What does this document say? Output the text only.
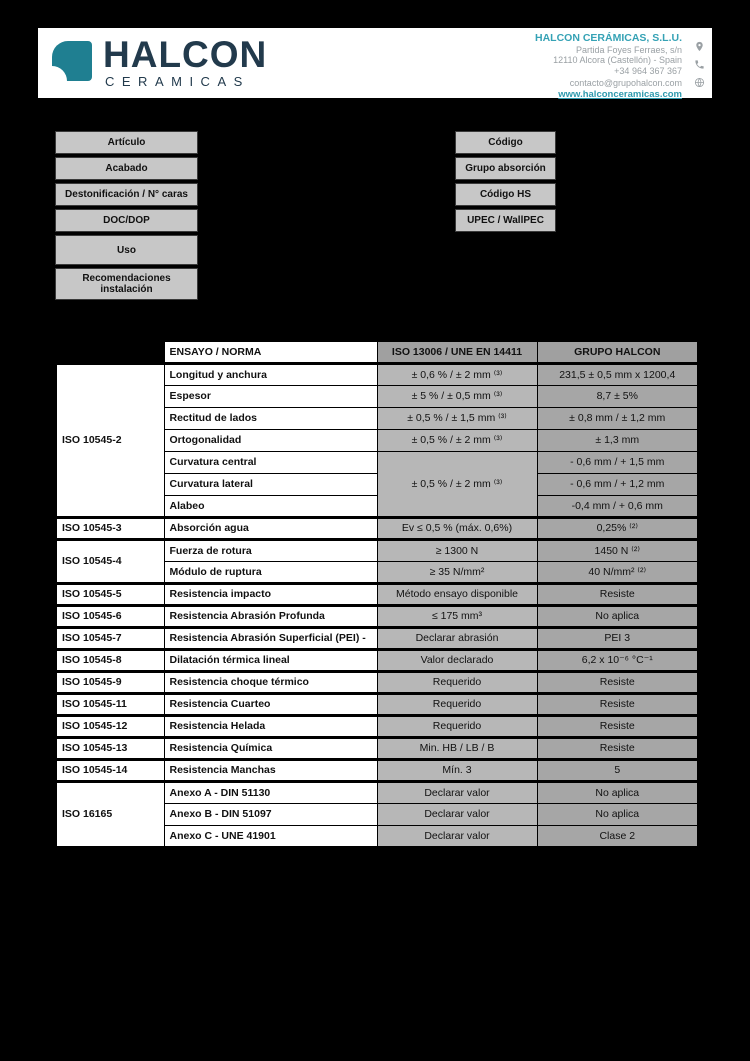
HALCON
CERAMICAS
HALCON CERÁMICAS, S.L.U.
Partida Foyes Ferraes, s/n
12110 Alcora (Castellón) - Spain
+34 964 367 367
contacto@grupohalcon.com
www.halconceramicas.com
Artículo
Acabado
Destonificación / N° caras
DOC/DOP
Uso
Recomendaciones instalación
Código
Grupo absorción
Código HS
UPEC / WallPEC
	ENSAYO / NORMA	ISO 13006 / UNE EN 14411	GRUPO HALCON
ISO 10545-2	Longitud y anchura	± 0,6 % / ± 2 mm ⁽³⁾	231,5 ± 0,5 mm x 1200,4
	Espesor	± 5 % / ± 0,5 mm ⁽³⁾	8,7 ± 5%
	Rectitud de lados	± 0,5 % / ± 1,5 mm ⁽³⁾	± 0,8 mm / ± 1,2 mm
	Ortogonalidad	± 0,5 % / ± 2 mm ⁽³⁾	± 1,3 mm
	Curvatura central	± 0,5 % / ± 2 mm ⁽³⁾	- 0,6 mm / + 1,5 mm
	Curvatura lateral		- 0,6 mm / + 1,2 mm
	Alabeo		-0,4 mm / + 0,6 mm
ISO 10545-3	Absorción agua	Ev ≤ 0,5 % (máx. 0,6%)	0,25% ⁽²⁾
ISO 10545-4	Fuerza de rotura	≥ 1300 N	1450 N ⁽²⁾
	Módulo de ruptura	≥ 35 N/mm²	40 N/mm² ⁽²⁾
ISO 10545-5	Resistencia impacto	Método ensayo disponible	Resiste
ISO 10545-6	Resistencia Abrasión Profunda	≤ 175 mm³	No aplica
ISO 10545-7	Resistencia Abrasión Superficial (PEI) -	Declarar abrasión	PEI 3
ISO 10545-8	Dilatación térmica lineal	Valor declarado	6,2 x 10⁻⁶ °C⁻¹
ISO 10545-9	Resistencia choque térmico	Requerido	Resiste
ISO 10545-11	Resistencia Cuarteo	Requerido	Resiste
ISO 10545-12	Resistencia Helada	Requerido	Resiste
ISO 10545-13	Resistencia Química	Min. HB / LB / B	Resiste
ISO 10545-14	Resistencia Manchas	Mín. 3	5
ISO 16165	Anexo A - DIN 51130	Declarar valor	No aplica
	Anexo B - DIN 51097	Declarar valor	No aplica
	Anexo C - UNE 41901	Declarar valor	Clase 2
